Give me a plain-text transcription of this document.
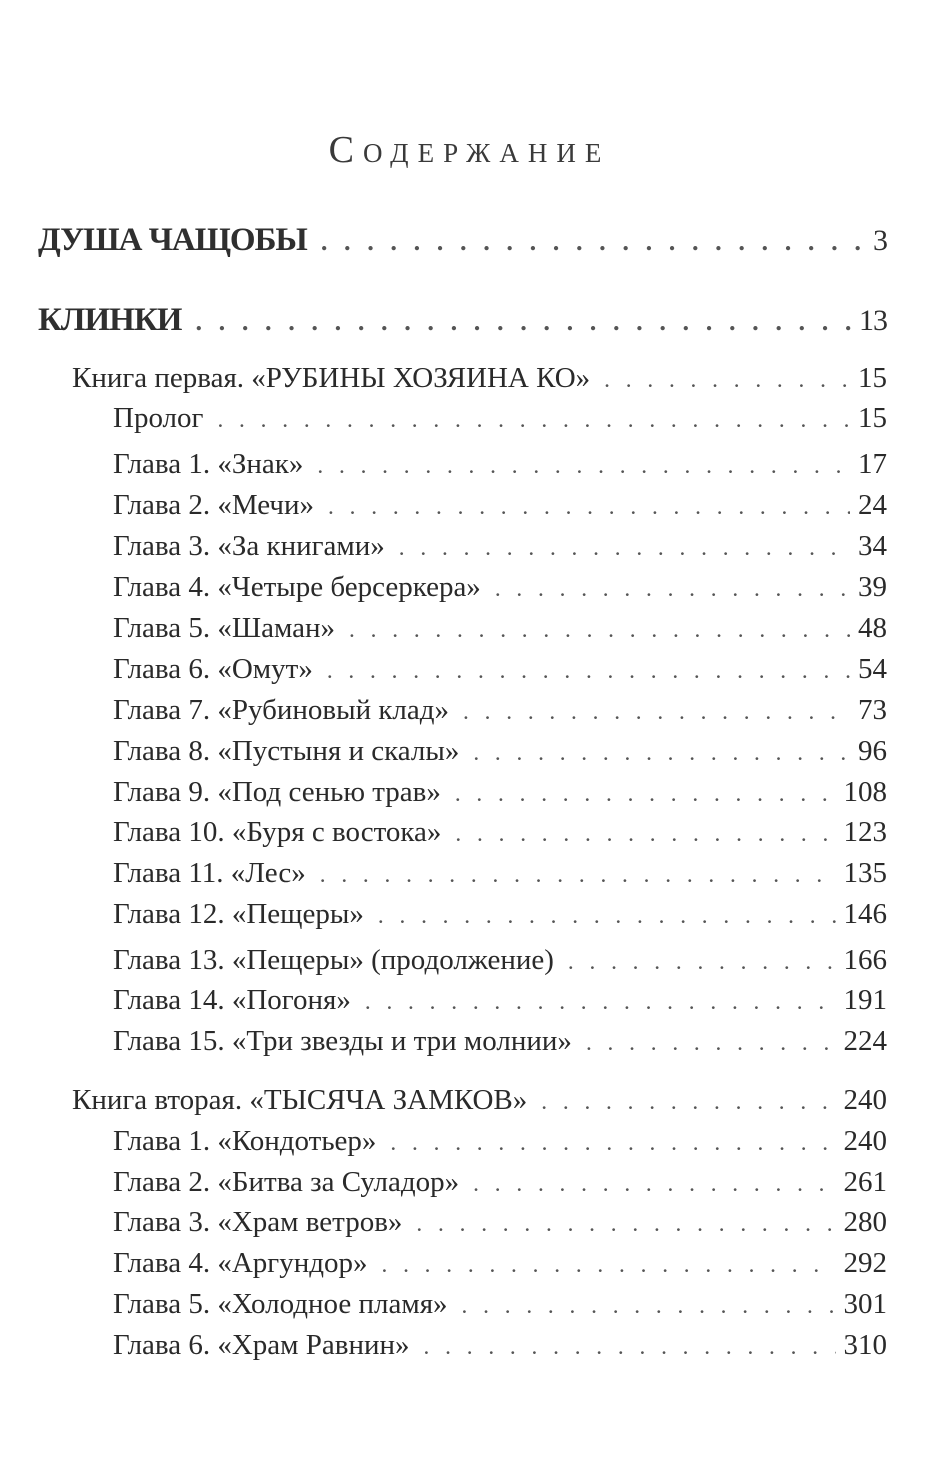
Содержание
ДУША ЧАЩОБЫ . . .	3
КЛИНКИ . . .	13
Книга первая. «РУБИНЫ ХОЗЯИНА КО» . . .	15
Пролог . . .	15
Глава 1. «Знак» . . .	17
Глава 2. «Мечи» . . .	24
Глава 3. «За книгами» . . .	34
Глава 4. «Четыре берсеркера» . . .	39
Глава 5. «Шаман» . . .	48
Глава 6. «Омут» . . .	54
Глава 7. «Рубиновый клад» . . .	73
Глава 8. «Пустыня и скалы» . . .	96
Глава 9. «Под сенью трав» . . .	108
Глава 10. «Буря с востока» . . .	123
Глава 11. «Лес» . . .	135
Глава 12. «Пещеры» . . .	146
Глава 13. «Пещеры» (продолжение) . . .	166
Глава 14. «Погоня» . . .	191
Глава 15. «Три звезды и три молнии» . . .	224
Книга вторая. «ТЫСЯЧА ЗАМКОВ» . . .	240
Глава 1. «Кондотьер» . . .	240
Глава 2. «Битва за Суладор» . . .	261
Глава 3. «Храм ветров» . . .	280
Глава 4. «Аргундор» . . .	292
Глава 5. «Холодное пламя» . . .	301
Глава 6. «Храм Равнин» . . .	310
